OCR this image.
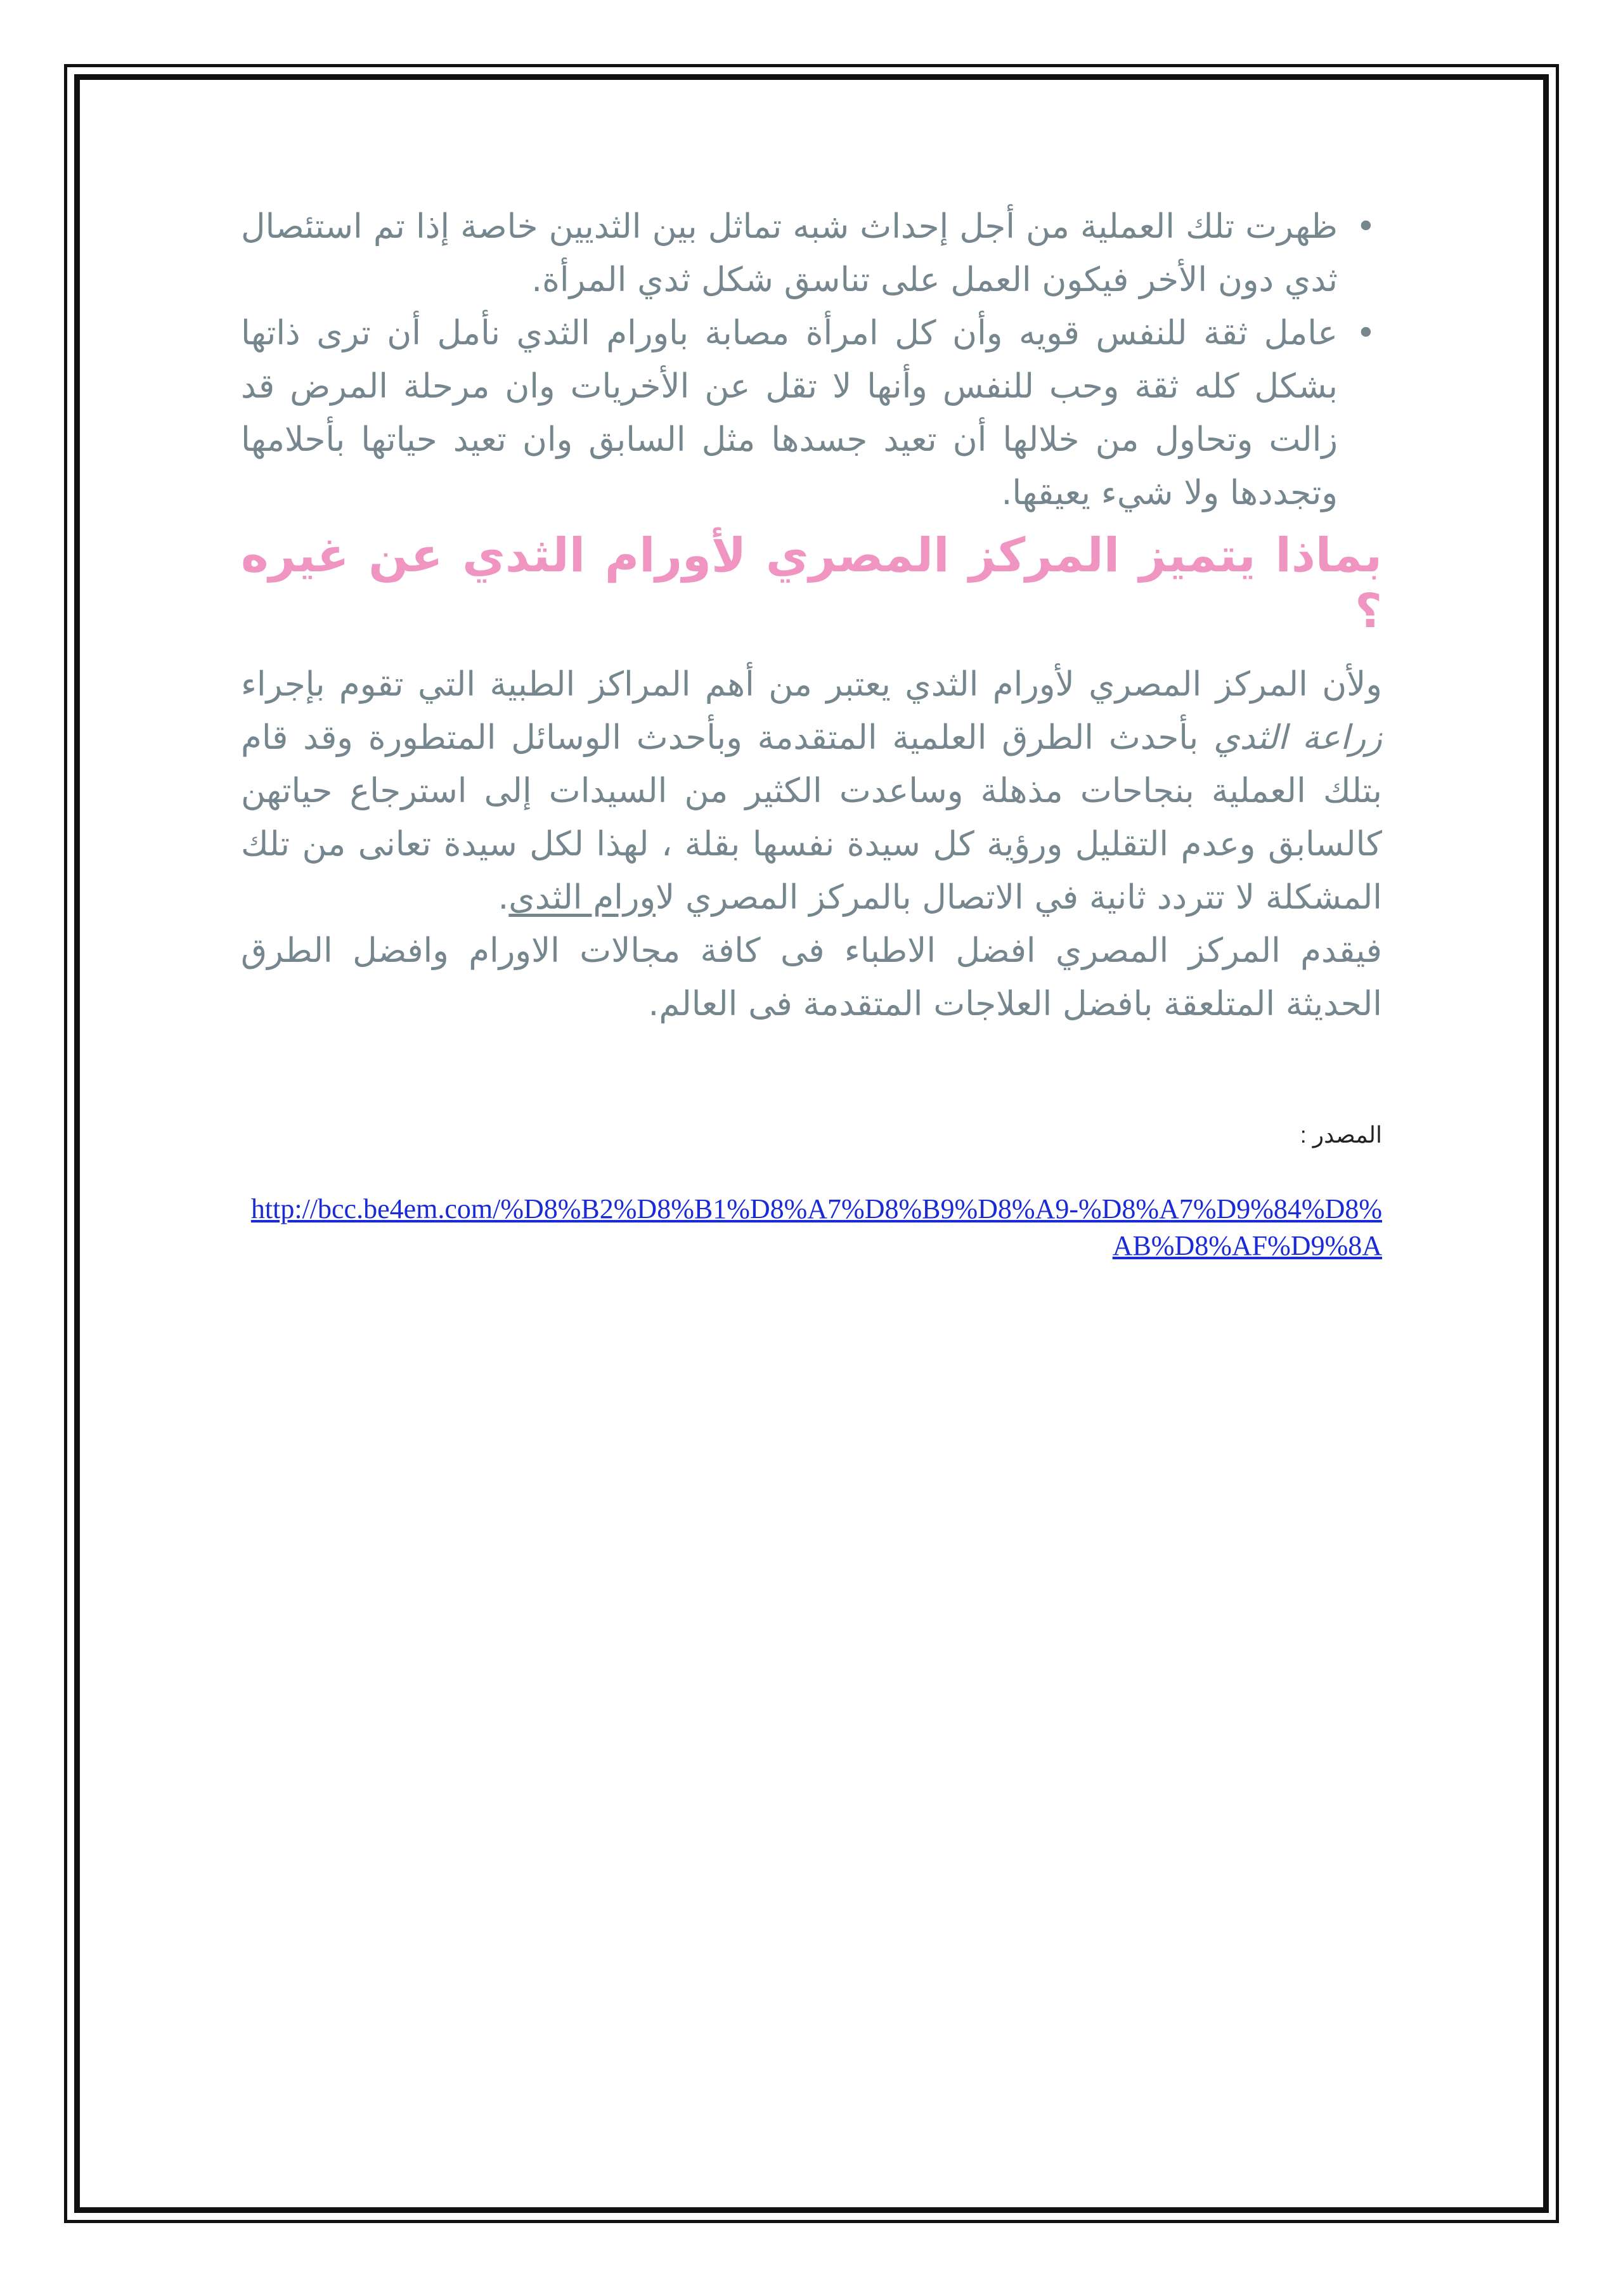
•
ظهرت تلك العملية من أجل إحداث شبه تماثل بين الثديين خاصة إذا تم استئصال ثدي دون الأخر فيكون العمل على تناسق شكل ثدي المرأة.
•
عامل ثقة للنفس قويه وأن كل امرأة مصابة باورام الثدي نأمل أن ترى ذاتها بشكل كله ثقة وحب للنفس وأنها لا تقل عن الأخريات وان مرحلة المرض قد زالت وتحاول من خلالها أن تعيد جسدها مثل السابق وان تعيد حياتها بأحلامها وتجددها ولا شيء يعيقها.
بماذا يتميز المركز المصري لأورام الثدي عن غيره ؟

ولأن المركز المصري لأورام الثدي يعتبر من أهم المراكز الطبية التي تقوم بإجراء زراعة الثدي بأحدث الطرق العلمية المتقدمة وبأحدث الوسائل المتطورة وقد قام بتلك العملية بنجاحات مذهلة وساعدت الكثير من السيدات إلى استرجاع حياتهن كالسابق وعدم التقليل ورؤية كل سيدة نفسها بقلة ، لهذا لكل سيدة تعانى من تلك المشكلة لا تتردد ثانية في الاتصال بالمركز المصري لاورام الثدى.

فيقدم المركز المصري افضل الاطباء فى كافة مجالات الاورام وافضل الطرق الحديثة المتلعقة بافضل العلاجات المتقدمة فى العالم.

المصدر :
http://bcc.be4em.com/%D8%B2%D8%B1%D8%A7%D8%B9%D8%A9-%D8%A7%D9%84%D8%AB%D8%AF%D9%8A
